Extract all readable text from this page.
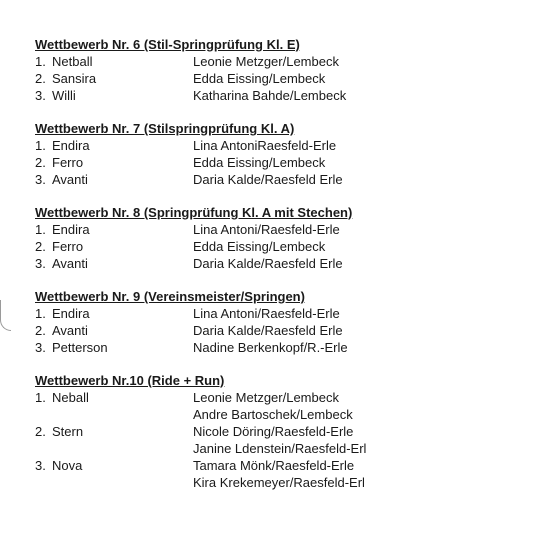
Wettbewerb Nr. 6 (Stil-Springprüfung Kl. E)
1. Netball	Leonie Metzger/Lembeck
2. Sansira	Edda Eissing/Lembeck
3. Willi	Katharina Bahde/Lembeck
Wettbewerb Nr. 7 (Stilspringprüfung Kl. A)
1. Endira	Lina AntoniRaesfeld-Erle
2. Ferro	Edda Eissing/Lembeck
3. Avanti	Daria Kalde/Raesfeld Erle
Wettbewerb Nr. 8 (Springprüfung Kl. A mit Stechen)
1. Endira	Lina Antoni/Raesfeld-Erle
2. Ferro	Edda Eissing/Lembeck
3. Avanti	Daria Kalde/Raesfeld Erle
Wettbewerb Nr. 9 (Vereinsmeister/Springen)
1. Endira	Lina Antoni/Raesfeld-Erle
2. Avanti	Daria Kalde/Raesfeld Erle
3. Petterson	Nadine Berkenkopf/R.-Erle
Wettbewerb Nr.10 (Ride + Run)
1. Neball	Leonie Metzger/Lembeck
Andre Bartoschek/Lembeck
2. Stern	Nicole Döring/Raesfeld-Erle
Janine Ldenstein/Raesfeld-Erl
3. Nova	Tamara Mönk/Raesfeld-Erle
Kira Krekemeyer/Raesfeld-Erl
